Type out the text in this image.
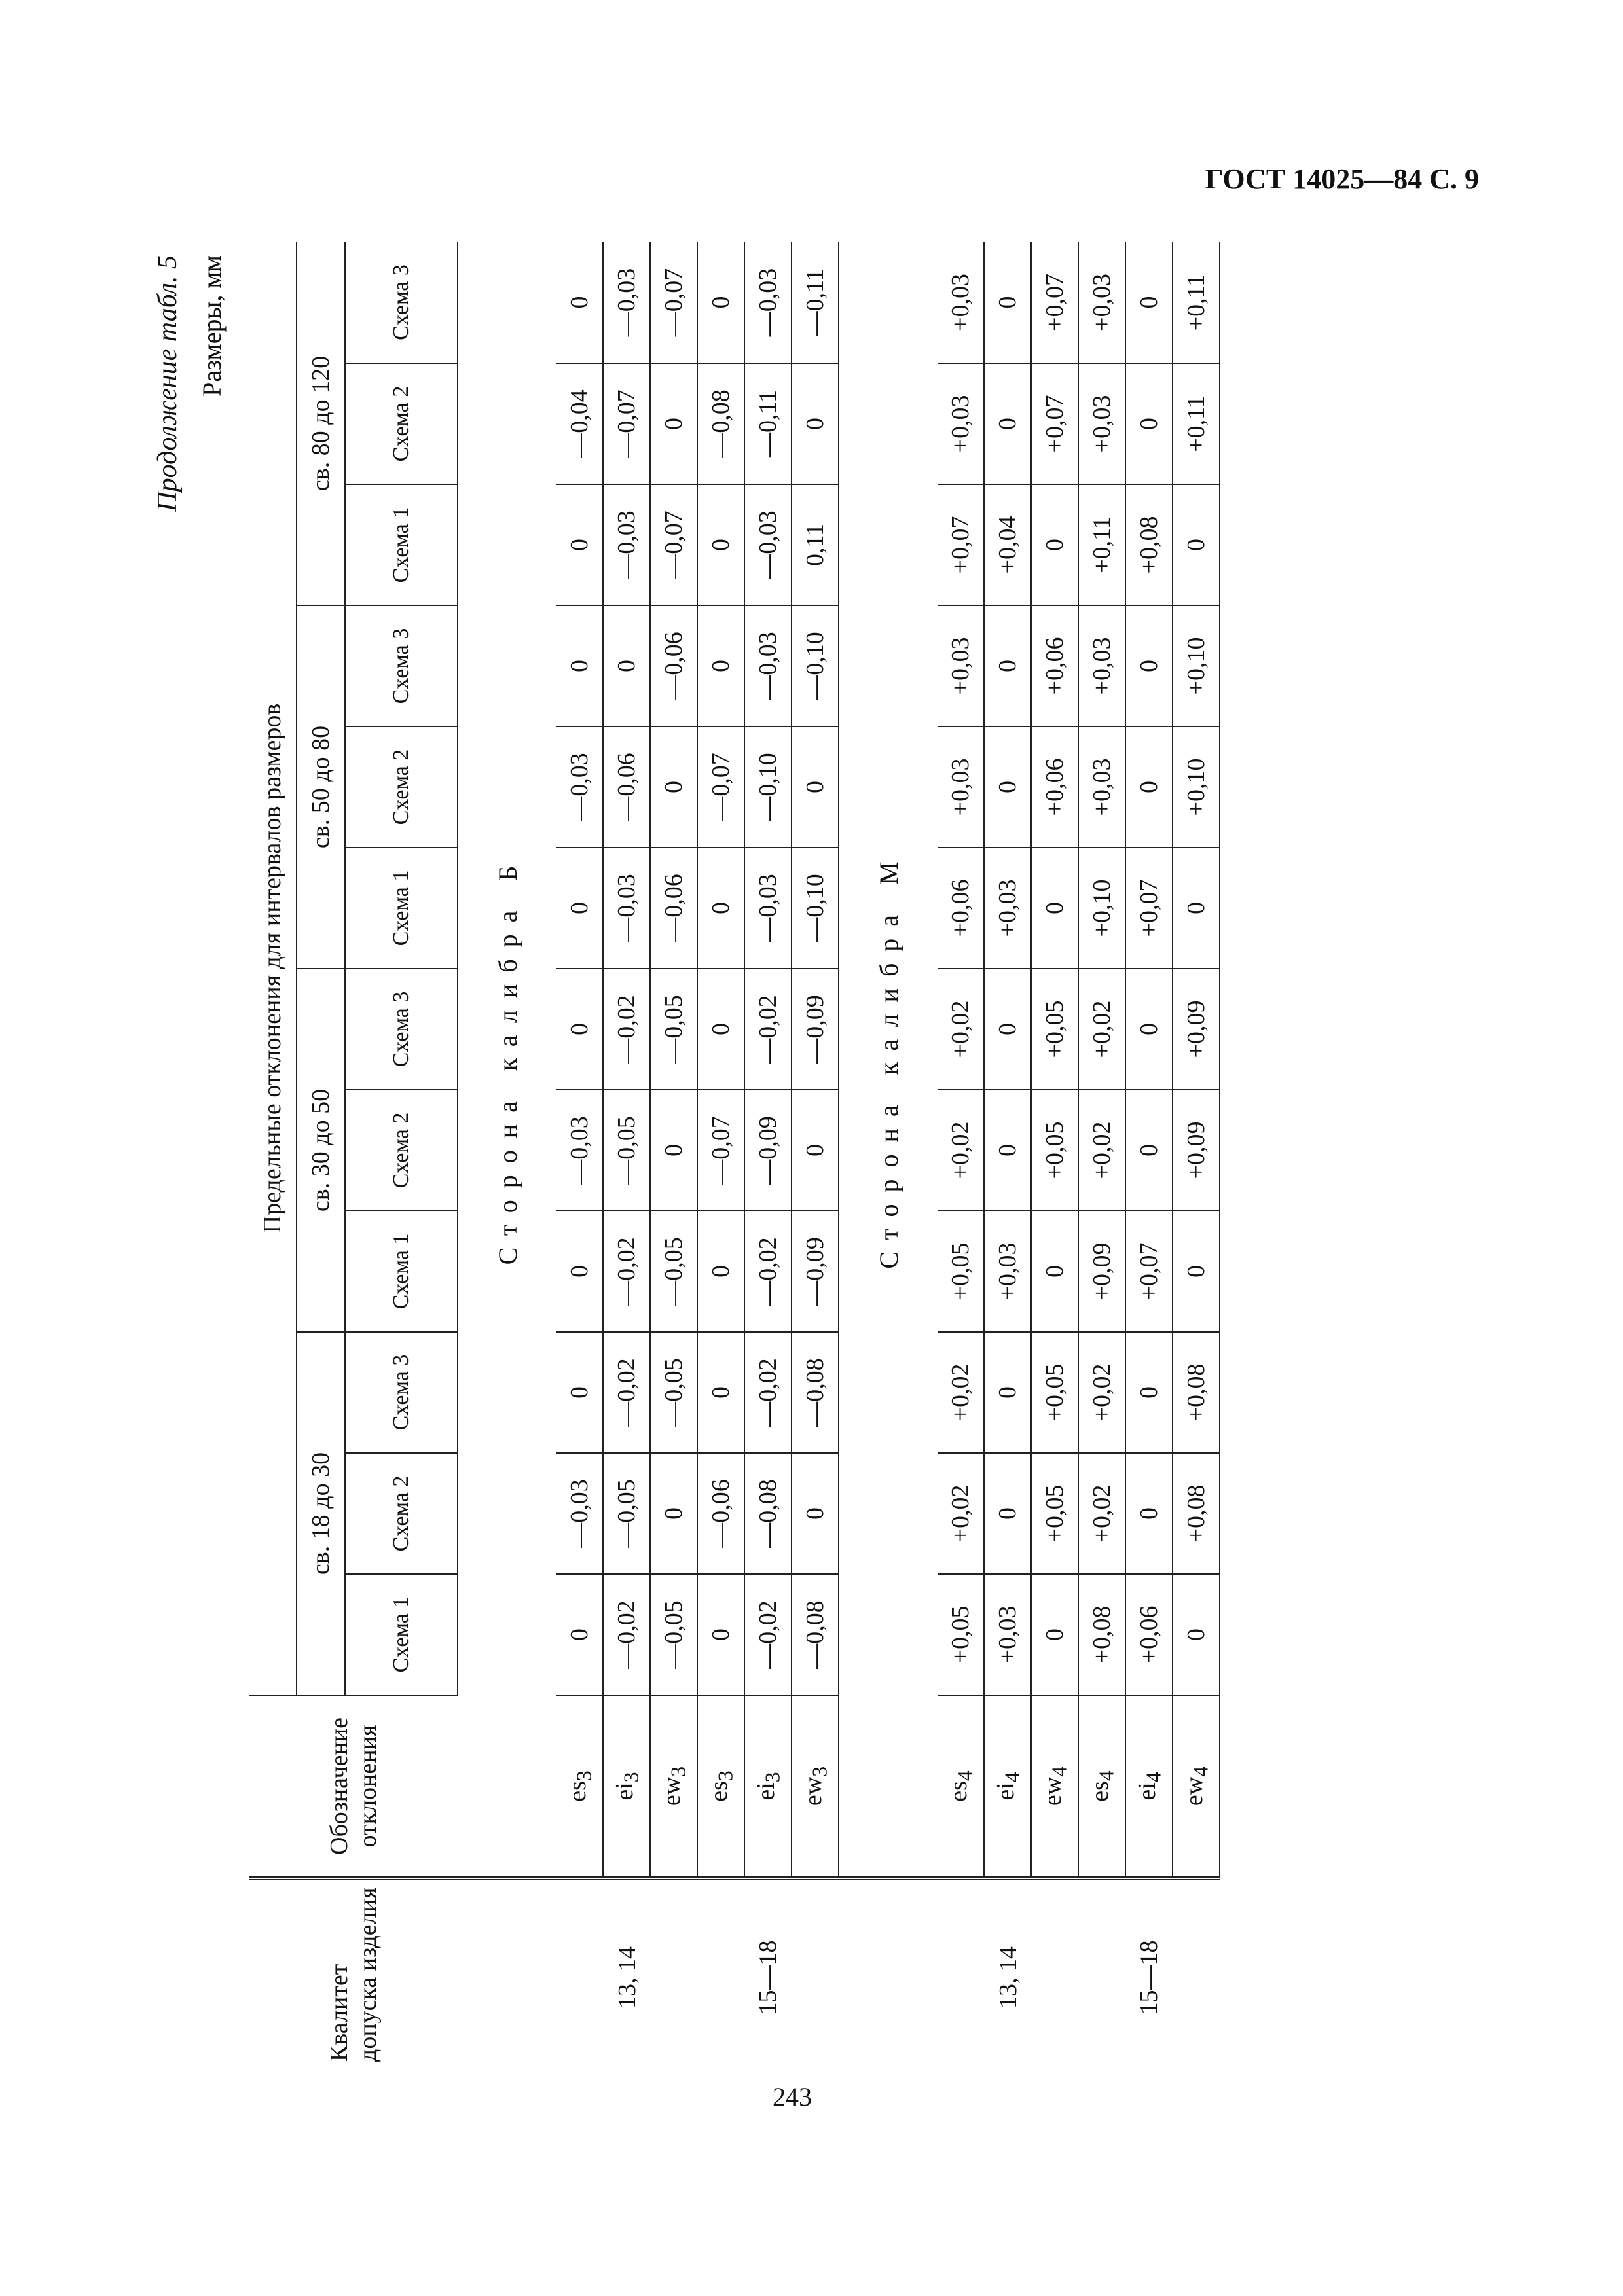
ГОСТ 14025—84 С. 9
Продолжение табл. 5 Размеры, мм
Квалитет допуска изделия	Обозначение отклонения	Предельные отклонения для интервалов размеров											
		св. 18 до 30			св. 30 до 50			св. 50 до 80			св. 80 до 120		
		Схема 1	Схема 2	Схема 3	Схема 1	Схема 2	Схема 3	Схема 1	Схема 2	Схема 3	Схема 1	Схема 2	Схема 3
	Сторона калибра Б												
13, 14	$es_3$	0	—0,03	0	0	—0,03	0	0	—0,03	0	0	—0,04	0
	$ei_3$	—0,02	—0,05	—0,02	—0,02	—0,05	—0,02	—0,03	—0,06	0	—0,03	—0,07	—0,03
	$ew_3$	—0,05	0	—0,05	—0,05	0	—0,05	—0,06	0	—0,06	—0,07	0	—0,07
15—18	$es_3$	0	—0,06	0	0	—0,07	0	0	—0,07	0	0	—0,08	0
	$ei_3$	—0,02	—0,08	—0,02	—0,02	—0,09	—0,02	—0,03	—0,10	—0,03	—0,03	—0,11	—0,03
	$ew_3$	—0,08	0	—0,08	—0,09	0	—0,09	—0,10	0	—0,10	0,11	0	—0,11
	Сторона калибра М												
13, 14	$es_4$	+0,05	+0,02	+0,02	+0,05	+0,02	+0,02	+0,06	+0,03	+0,03	+0,07	+0,03	+0,03
	$ei_4$	+0,03	0	0	+0,03	0	0	+0,03	0	0	+0,04	0	0
	$ew_4$	0	+0,05	+0,05	0	+0,05	+0,05	0	+0,06	+0,06	0	+0,07	+0,07
15—18	$es_4$	+0,08	+0,02	+0,02	+0,09	+0,02	+0,02	+0,10	+0,03	+0,03	+0,11	+0,03	+0,03
	$ei_4$	+0,06	0	0	+0,07	0	0	+0,07	0	0	+0,08	0	0
	$ew_4$	0	+0,08	+0,08	0	+0,09	+0,09	0	+0,10	+0,10	0	+0,11	+0,11
243
